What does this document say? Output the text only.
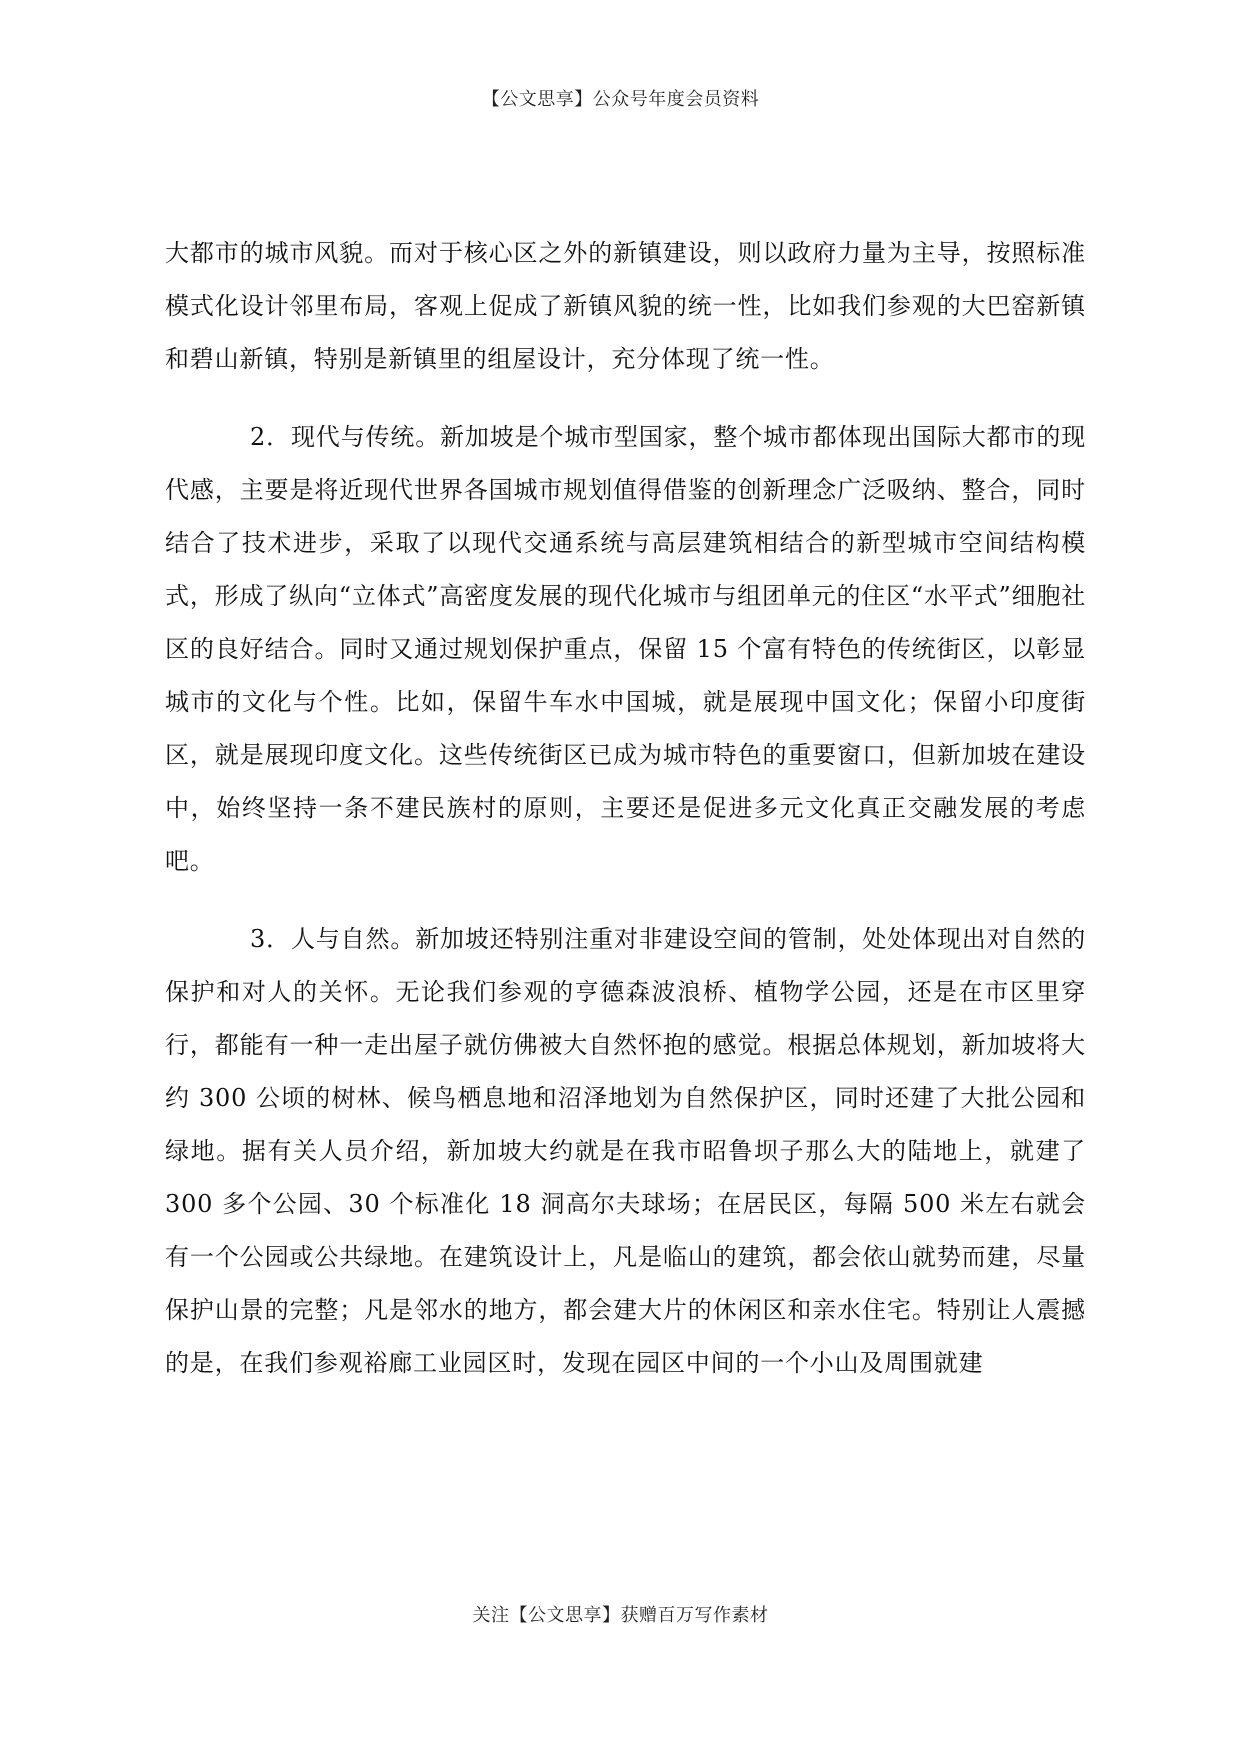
【公文思享】公众号年度会员资料

大都市的城市风貌。而对于核心区之外的新镇建设，则以政府力量为主导，按照标准模式化设计邻里布局，客观上促成了新镇风貌的统一性，比如我们参观的大巴窑新镇和碧山新镇，特别是新镇里的组屋设计，充分体现了统一性。

2．现代与传统。新加坡是个城市型国家，整个城市都体现出国际大都市的现代感，主要是将近现代世界各国城市规划值得借鉴的创新理念广泛吸纳、整合，同时结合了技术进步，采取了以现代交通系统与高层建筑相结合的新型城市空间结构模式，形成了纵向“立体式”高密度发展的现代化城市与组团单元的住区“水平式”细胞社区的良好结合。同时又通过规划保护重点，保留 15 个富有特色的传统街区，以彰显城市的文化与个性。比如，保留牛车水中国城，就是展现中国文化；保留小印度街区，就是展现印度文化。这些传统街区已成为城市特色的重要窗口，但新加坡在建设中，始终坚持一条不建民族村的原则，主要还是促进多元文化真正交融发展的考虑吧。

3．人与自然。新加坡还特别注重对非建设空间的管制，处处体现出对自然的保护和对人的关怀。无论我们参观的亨德森波浪桥、植物学公园，还是在市区里穿行，都能有一种一走出屋子就仿佛被大自然怀抱的感觉。根据总体规划，新加坡将大约 300 公顷的树林、候鸟栖息地和沼泽地划为自然保护区，同时还建了大批公园和绿地。据有关人员介绍，新加坡大约就是在我市昭鲁坝子那么大的陆地上，就建了 300 多个公园、30 个标准化 18 洞高尔夫球场；在居民区，每隔 500 米左右就会有一个公园或公共绿地。在建筑设计上，凡是临山的建筑，都会依山就势而建，尽量保护山景的完整；凡是邻水的地方，都会建大片的休闲区和亲水住宅。特别让人震撼的是，在我们参观裕廊工业园区时，发现在园区中间的一个小山及周围就建

关注【公文思享】获赠百万写作素材
